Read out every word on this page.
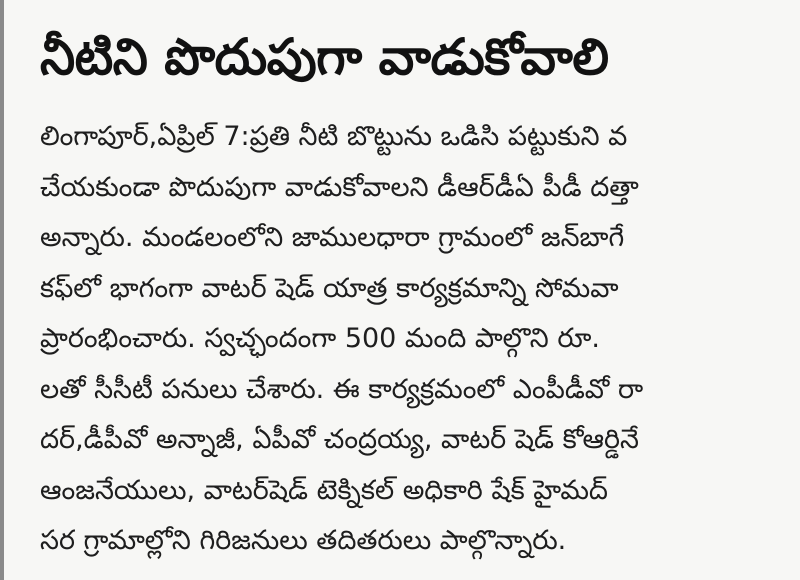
నీటిని పొదుపుగా వాడుకోవాలి
లింగాపూర్,ఏప్రిల్ 7:ప్రతి నీటి బొట్టును ఒడిసి పట్టుకుని వ
చేయకుండా పొదుపుగా వాడుకోవాలని డీఆర్‌డీఏ పీడీ దత్తా
అన్నారు. మండలంలోని జాములధారా గ్రామంలో జన్‌బాగే
కఫ్‌లో భాగంగా వాటర్ షెడ్ యాత్ర కార్యక్రమాన్ని సోమవా
ప్రారంభించారు. స్వచ్ఛందంగా 500 మంది పాల్గొని రూ.
లతో సీసీటీ పనులు చేశారు. ఈ కార్యక్రమంలో ఎంపీడీవో రా
దర్,డీపీవో అన్నాజీ, ఏపీవో చంద్రయ్య, వాటర్ షెడ్ కోఆర్డినే
ఆంజనేయులు, వాటర్‌షెడ్ టెక్నికల్ అధికారి షేక్ హైమద్
సర గ్రామాల్లోని గిరిజనులు తదితరులు పాల్గొన్నారు.
